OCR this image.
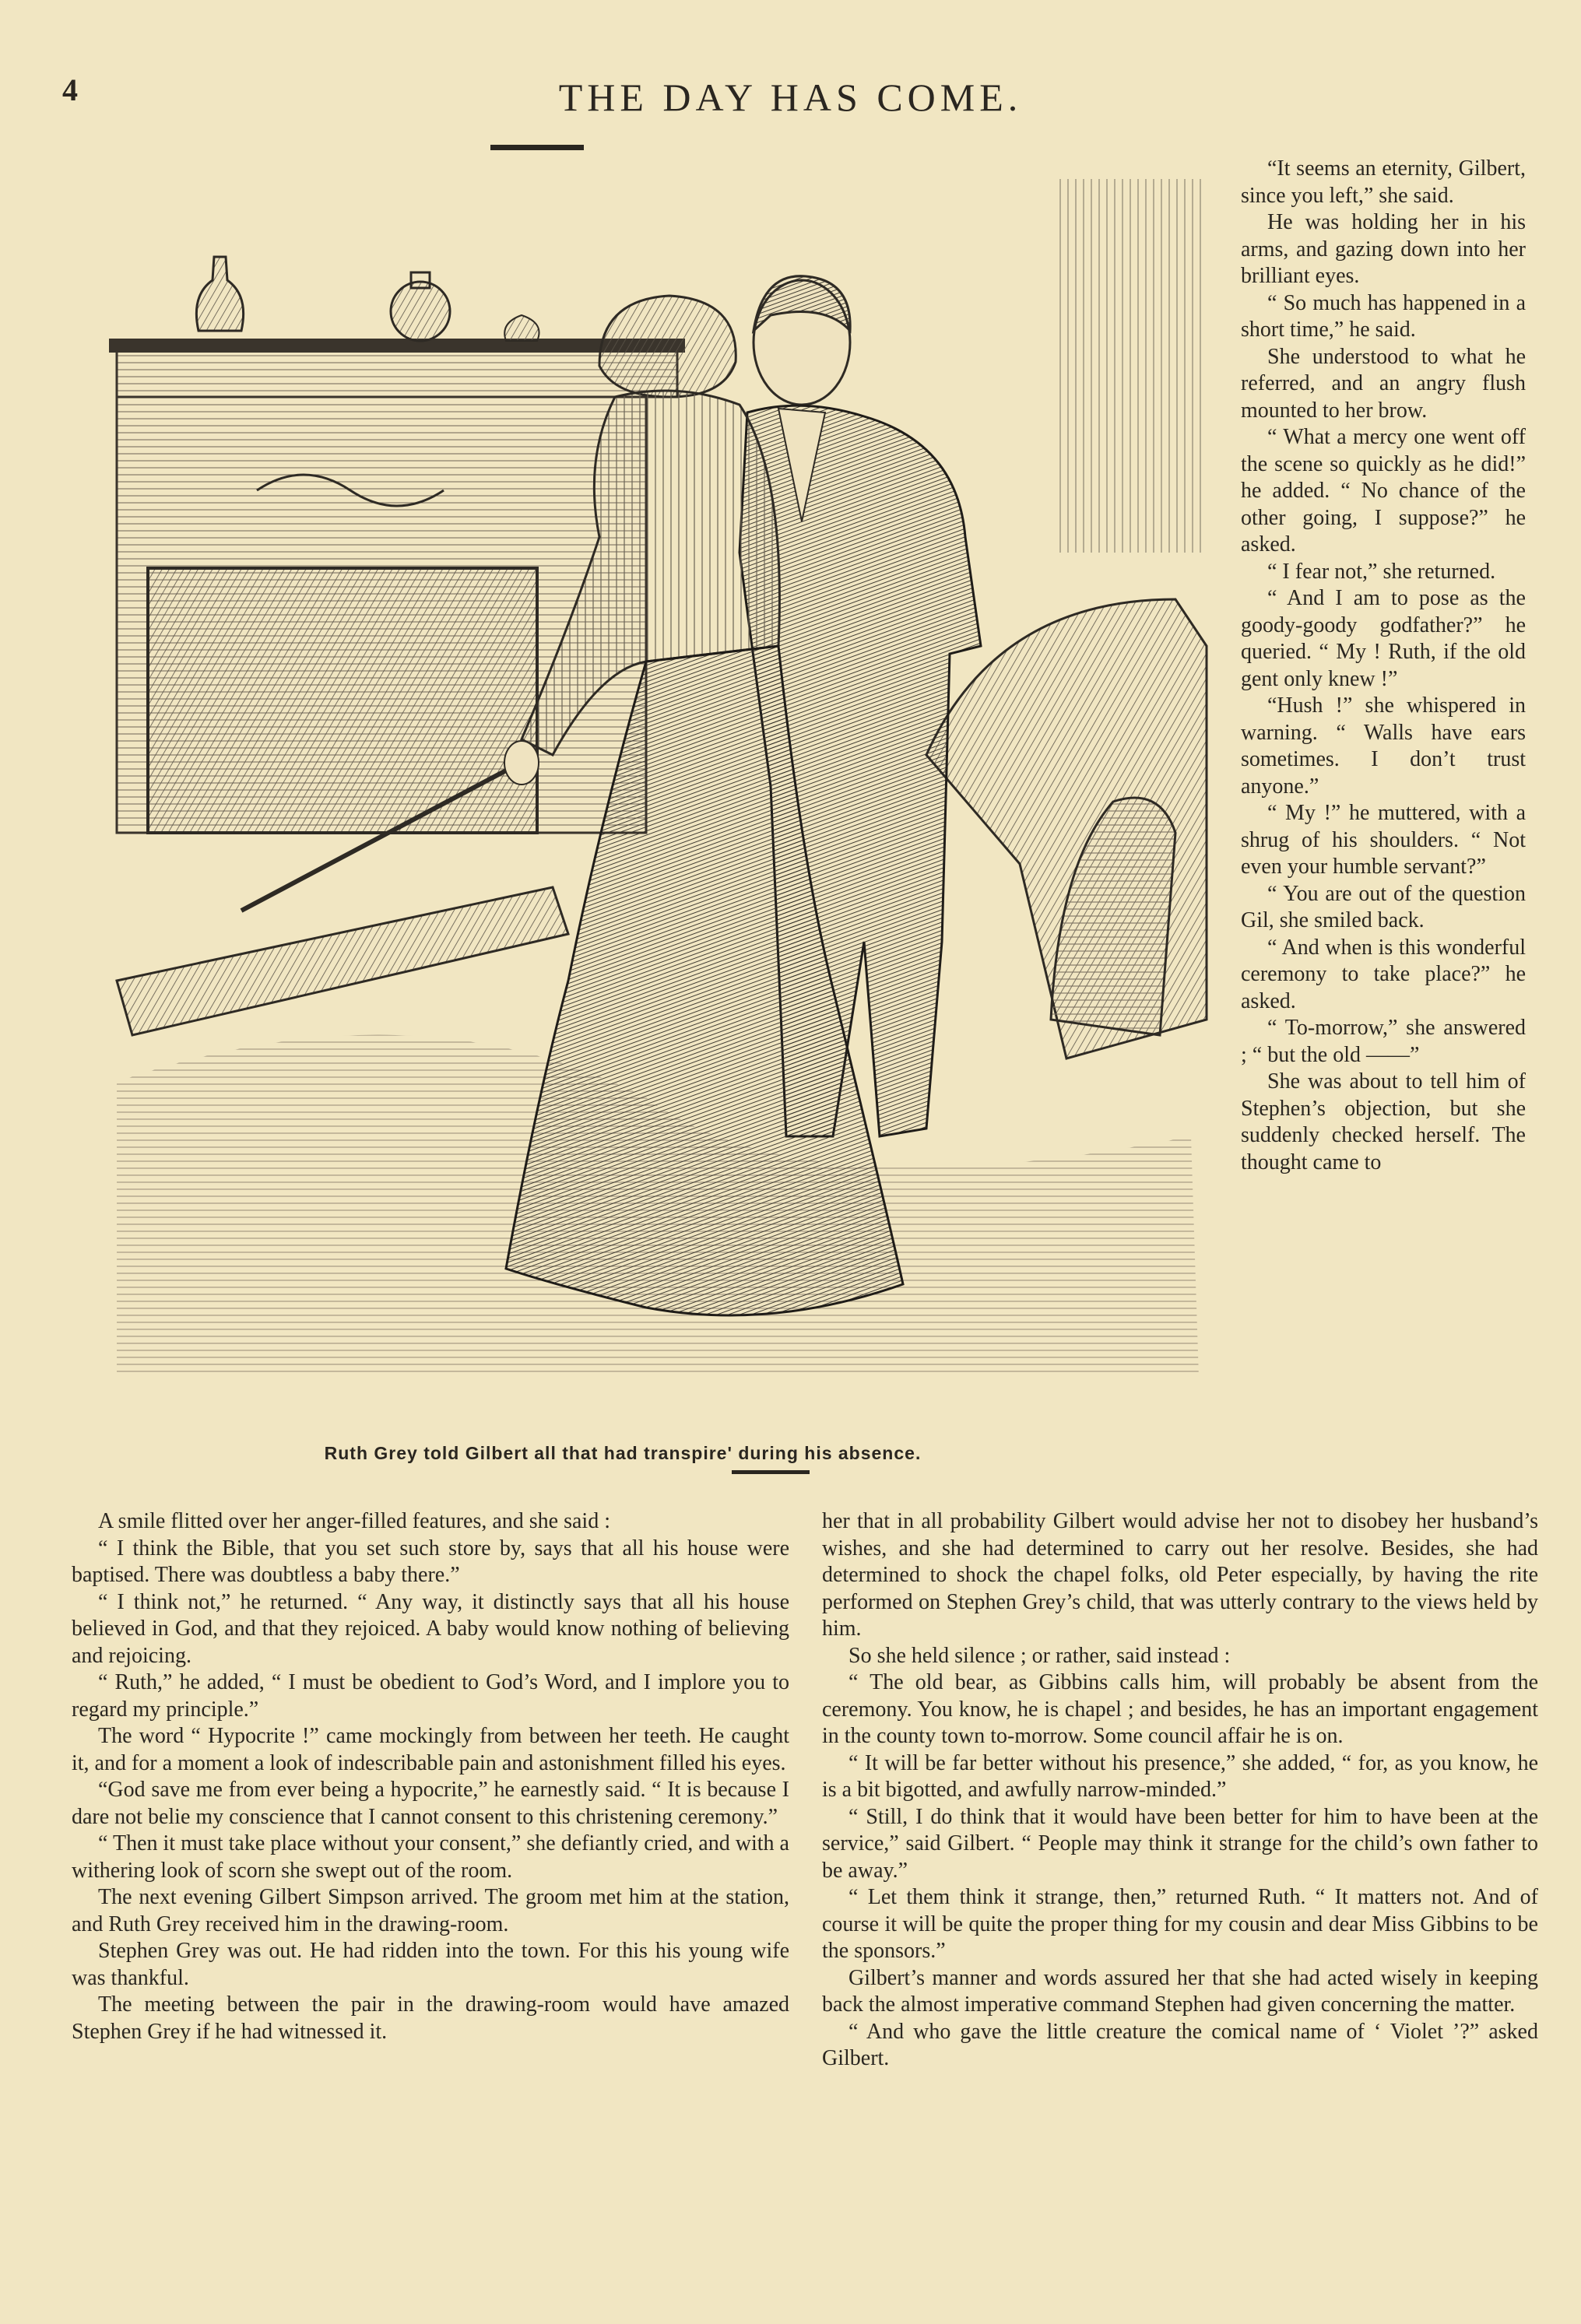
4	THE DAY HAS COME.
Ruth Grey told Gilbert all that had transpire' during his absence.

“It seems an eternity, Gilbert, since you left,” she said.

He was holding her in his arms, and gazing down into her brilliant eyes.

“ So much has happened in a short time,” he said.

She understood to what he referred, and an angry flush mounted to her brow.

“ What a mercy one went off the scene so quickly as he did!” he added. “ No chance of the other going, I suppose?” he asked.

“ I fear not,” she returned.

“ And I am to pose as the goody-goody godfather?” he queried. “ My ! Ruth, if the old gent only knew !”

“Hush !” she whispered in warning. “ Walls have ears sometimes. I don’t trust anyone.”

“ My !” he muttered, with a shrug of his shoulders. “ Not even your humble servant?”

“ You are out of the question Gil, she smiled back.

“ And when is this wonderful ceremony to take place?” he asked.

“ To-morrow,” she answered ; “ but the old ——”

She was about to tell him of Stephen’s objection, but she suddenly checked herself. The thought came to

A smile flitted over her anger-filled features, and she said :

“ I think the Bible, that you set such store by, says that all his house were baptised. There was doubtless a baby there.”

“ I think not,” he returned. “ Any way, it distinctly says that all his house believed in God, and that they rejoiced. A baby would know nothing of believing and rejoicing.

“ Ruth,” he added, “ I must be obedient to God’s Word, and I implore you to regard my principle.”

The word “ Hypocrite !” came mockingly from between her teeth. He caught it, and for a moment a look of indescribable pain and astonishment filled his eyes.

“God save me from ever being a hypocrite,” he earnestly said. “ It is because I dare not belie my conscience that I cannot consent to this christening ceremony.”

“ Then it must take place without your consent,” she defiantly cried, and with a withering look of scorn she swept out of the room.

The next evening Gilbert Simpson arrived. The groom met him at the station, and Ruth Grey received him in the drawing-room.

Stephen Grey was out. He had ridden into the town. For this his young wife was thankful.

The meeting between the pair in the drawing-room would have amazed Stephen Grey if he had witnessed it.

her that in all probability Gilbert would advise her not to disobey her husband’s wishes, and she had determined to carry out her resolve. Besides, she had determined to shock the chapel folks, old Peter especially, by having the rite performed on Stephen Grey’s child, that was utterly contrary to the views held by him.

So she held silence ; or rather, said instead :

“ The old bear, as Gibbins calls him, will probably be absent from the ceremony. You know, he is chapel ; and besides, he has an important engagement in the county town to-morrow. Some council affair he is on.

“ It will be far better without his presence,” she added, “ for, as you know, he is a bit bigotted, and awfully narrow-minded.”

“ Still, I do think that it would have been better for him to have been at the service,” said Gilbert. “ People may think it strange for the child’s own father to be away.”

“ Let them think it strange, then,” returned Ruth. “ It matters not. And of course it will be quite the proper thing for my cousin and dear Miss Gibbins to be the sponsors.”

Gilbert’s manner and words assured her that she had acted wisely in keeping back the almost imperative command Stephen had given concerning the matter.

“ And who gave the little creature the comical name of ‘ Violet ’?” asked Gilbert.
